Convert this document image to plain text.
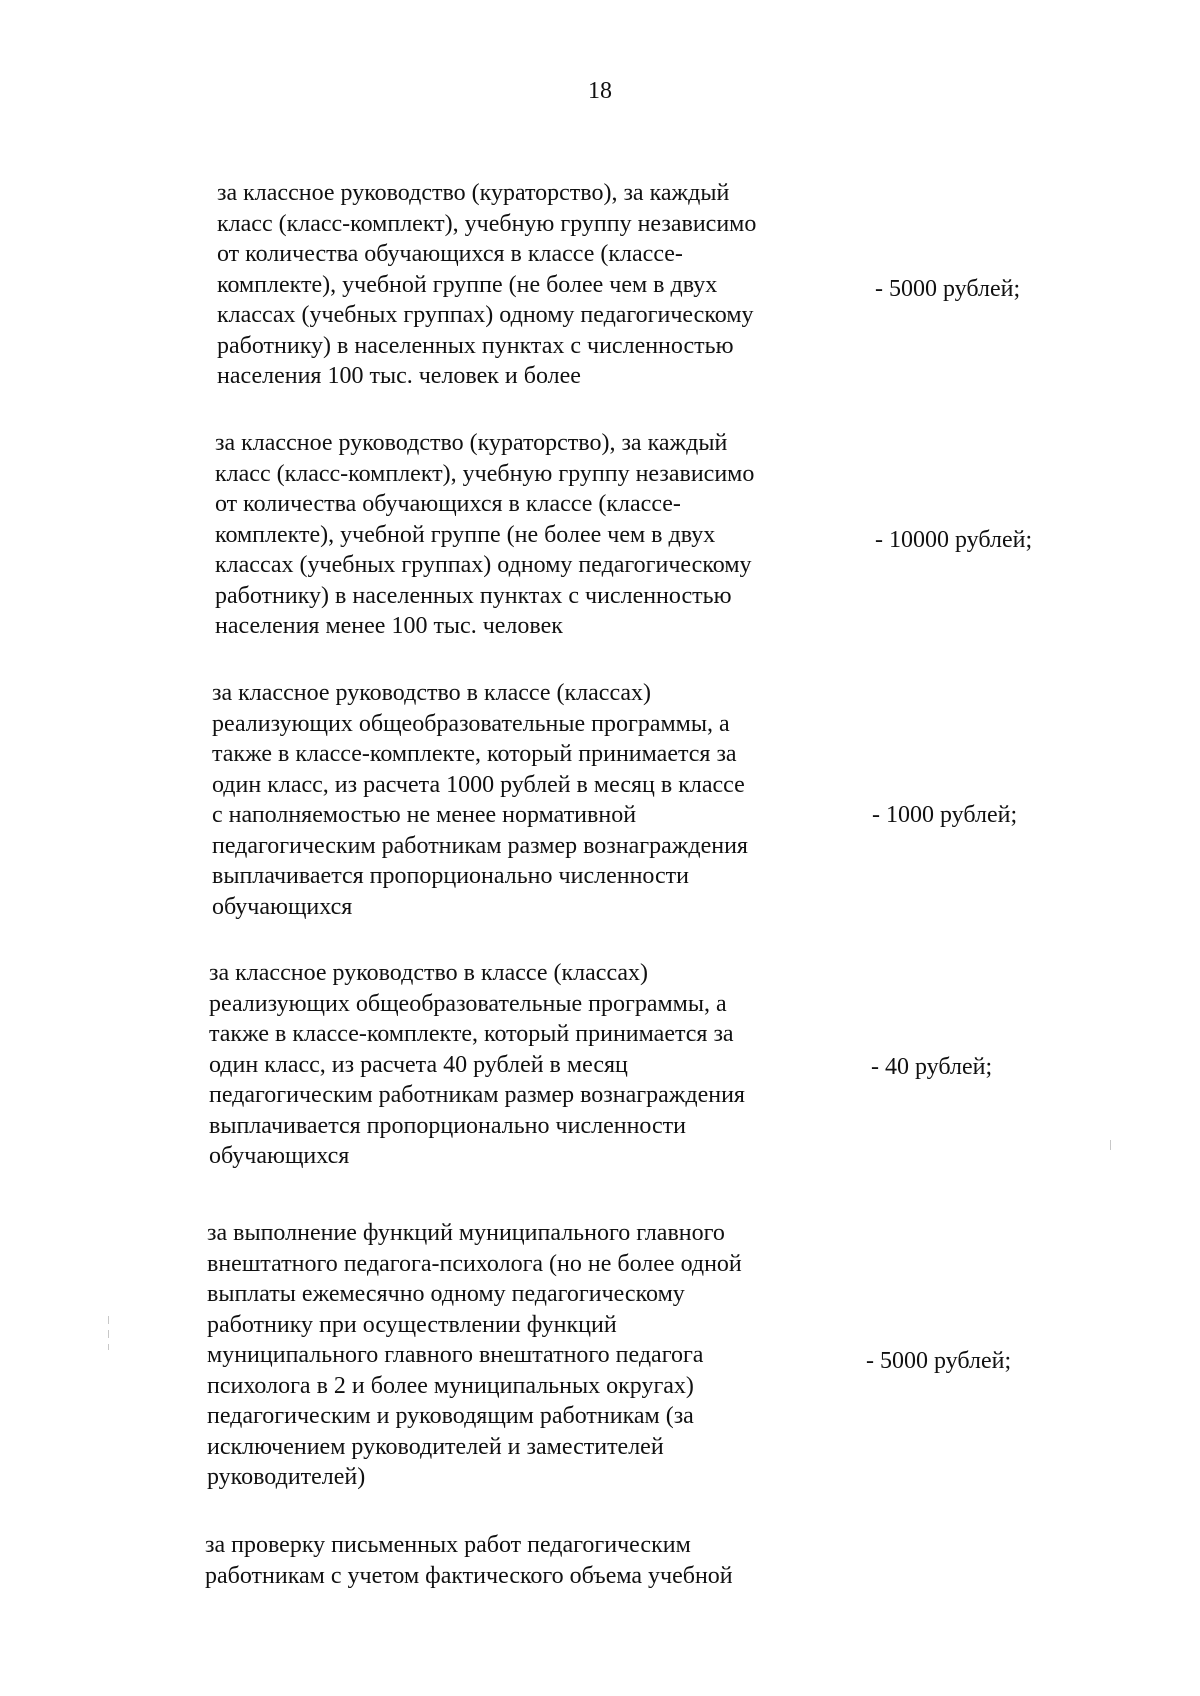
18
за классное руководство (кураторство), за каждый
класс (класс-комплект), учебную группу независимо
от количества обучающихся в классе (классе-
комплекте), учебной группе (не более чем в двух
классах (учебных группах) одному педагогическому
работнику) в населенных пунктах с численностью
населения 100 тыс. человек и более
- 5000 рублей;
за классное руководство (кураторство), за каждый
класс (класс-комплект), учебную группу независимо
от количества обучающихся в классе (классе-
комплекте), учебной группе (не более чем в двух
классах (учебных группах) одному педагогическому
работнику) в населенных пунктах с численностью
населения менее 100 тыс. человек
- 10000 рублей;
за классное руководство в классе (классах)
реализующих общеобразовательные программы, а
также в классе-комплекте, который принимается за
один класс, из расчета 1000 рублей в месяц в классе
с наполняемостью не менее нормативной
педагогическим работникам размер вознаграждения
выплачивается пропорционально численности
обучающихся
- 1000 рублей;
за классное руководство в классе (классах)
реализующих общеобразовательные программы, а
также в классе-комплекте, который принимается за
один класс, из расчета 40 рублей в месяц
педагогическим работникам размер вознаграждения
выплачивается пропорционально численности
обучающихся
- 40 рублей;
за выполнение функций муниципального главного
внештатного педагога-психолога (но не более одной
выплаты ежемесячно одному педагогическому
работнику при осуществлении функций
муниципального главного внештатного педагога
психолога в 2 и более муниципальных округах)
педагогическим и руководящим работникам (за
исключением руководителей и заместителей
руководителей)
- 5000 рублей;
за проверку письменных работ педагогическим
работникам с учетом фактического объема учебной
